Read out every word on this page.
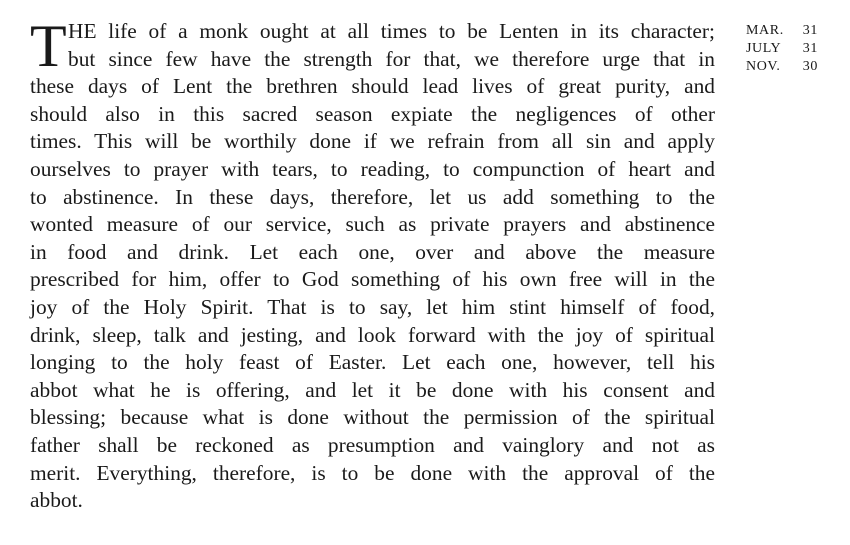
T HE life of a monk ought at all times to be Lenten in its character;
but since few have the strength for that, we therefore urge that in
these days of Lent the brethren should lead lives of great purity, and
should also in this sacred season expiate the negligences of other
times. This will be worthily done if we refrain from all sin and apply
ourselves to prayer with tears, to reading, to compunction of heart and
to abstinence. In these days, therefore, let us add something to the
wonted measure of our service, such as private prayers and abstinence
in food and drink. Let each one, over and above the measure
prescribed for him, offer to God something of his own free will in the
joy of the Holy Spirit. That is to say, let him stint himself of food,
drink, sleep, talk and jesting, and look forward with the joy of spiritual
longing to the holy feast of Easter. Let each one, however, tell his
abbot what he is offering, and let it be done with his consent and
blessing; because what is done without the permission of the spiritual
father shall be reckoned as presumption and vainglory and not as
merit. Everything, therefore, is to be done with the approval of the
abbot.
MAR. 31
JULY 31
NOV. 30
